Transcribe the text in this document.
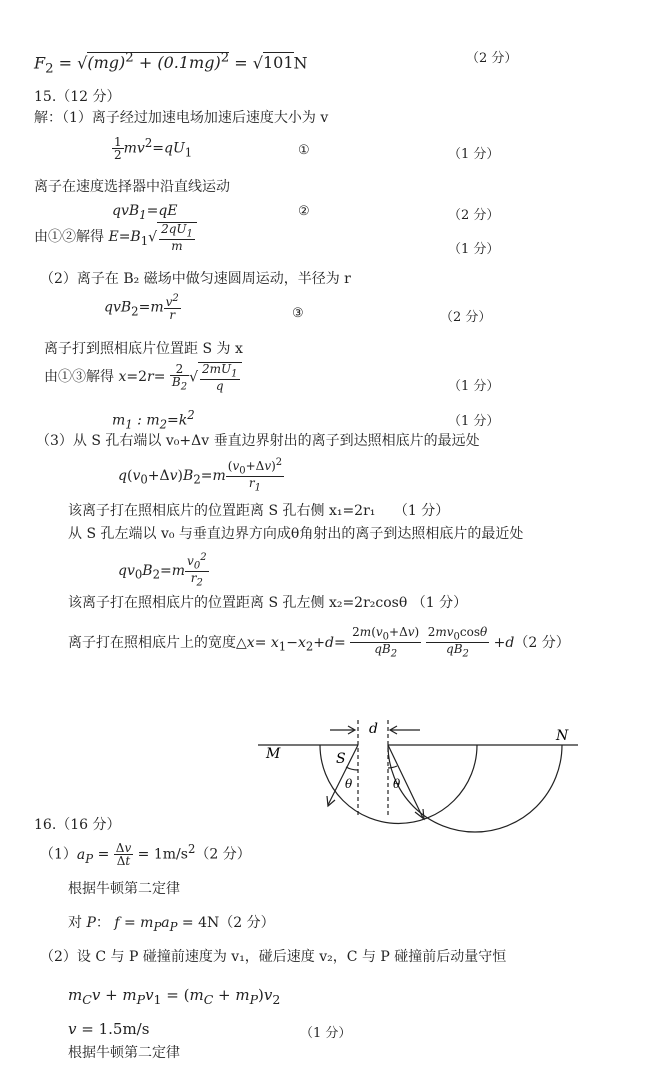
$F_2 = √(mg)^2 + (0.1mg)^2 = √101N$	（2 分）
15.（12 分）
解：（1）离子经过加速电场加速后速度大小为 v
$\frac{1}{2} mv^2=qU_1$	①	（1 分）
离子在速度选择器中沿直线运动
qvB$_1$=qE	②	（2 分）
由①②解得 $E=B_1√ \frac{2qU_1}{m}$	（1 分）
（2）离子在 B₂ 磁场中做匀速圆周运动，半径为 r
$qvB_2=m \frac{v^2}{r}$	③	（2 分）
离子打到照相底片位置距 S 为 x
由①③解得 $x=2r= \frac{2}{B_2}$ √ $\frac{2mU_1}{q}$	（1 分）
$m_1$ : $m_2=k^2$	（1 分）
（3）从 S 孔右端以 v₀+Δv 垂直边界射出的离子到达照相底片的最远处
$q(v_0+\Delta v)B_2=m \frac{(v_0+\Delta v)^2}{r_1}$
该离子打在照相底片的位置距离 S 孔右侧 x₁=2r₁ （1 分）
从 S 孔左端以 v₀ 与垂直边界方向成θ角射出的离子到达照相底片的最近处
$qv_0B_2=m \frac{v_0^2}{r_2}$
该离子打在照相底片的位置距离 S 孔左侧 x₂=2r₂cosθ （1 分）
离子打在照相底片上的宽度△x= $x_1-x_2+d= \frac{2m(v_0+\Delta v)}{qB_2}$
$\frac{2mv_0\cos\theta}{qB_2} +d(2$ 分）
M
N
S
d
θ	θ
16.（16 分）
$(1)a_P = \frac{\Delta v}{\Delta t} = 1m/s^2(2$ 分）
根据牛顿第二定律
对 P： $f = m_Pa_P = 4N(2$ 分）
（2）设 C 与 P 碰撞前速度为 v₁，碰后速度 v₂，C 与 P 碰撞前后动量守恒
$m_Cv + m_Pv_1 = (m_C + m_P)v_2$
v = 1.5m/s	（1 分）
根据牛顿第二定律
